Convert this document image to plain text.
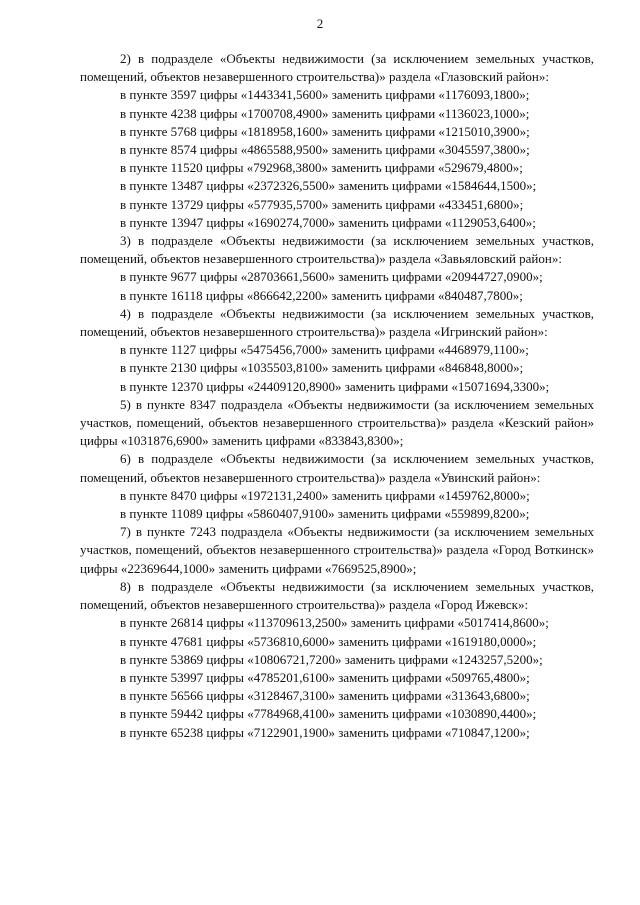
2

2) в подразделе «Объекты недвижимости (за исключением земельных участков, помещений, объектов незавершенного строительства)» раздела «Глазовский район»:

в пункте 3597 цифры «1443341,5600» заменить цифрами «1176093,1800»;

в пункте 4238 цифры «1700708,4900» заменить цифрами «1136023,1000»;

в пункте 5768 цифры «1818958,1600» заменить цифрами «1215010,3900»;

в пункте 8574 цифры «4865588,9500» заменить цифрами «3045597,3800»;

в пункте 11520 цифры «792968,3800» заменить цифрами «529679,4800»;

в пункте 13487 цифры «2372326,5500» заменить цифрами «1584644,1500»;

в пункте 13729 цифры «577935,5700» заменить цифрами «433451,6800»;

в пункте 13947 цифры «1690274,7000» заменить цифрами «1129053,6400»;

3) в подразделе «Объекты недвижимости (за исключением земельных участков, помещений, объектов незавершенного строительства)» раздела «Завьяловский район»:

в пункте 9677 цифры «28703661,5600» заменить цифрами «20944727,0900»;

в пункте 16118 цифры «866642,2200» заменить цифрами «840487,7800»;

4) в подразделе «Объекты недвижимости (за исключением земельных участков, помещений, объектов незавершенного строительства)» раздела «Игринский район»:

в пункте 1127 цифры «5475456,7000» заменить цифрами «4468979,1100»;

в пункте 2130 цифры «1035503,8100» заменить цифрами «846848,8000»;

в пункте 12370 цифры «24409120,8900» заменить цифрами «15071694,3300»;

5) в пункте 8347 подраздела «Объекты недвижимости (за исключением земельных участков, помещений, объектов незавершенного строительства)» раздела «Кезский район» цифры «1031876,6900» заменить цифрами «833843,8300»;

6) в подразделе «Объекты недвижимости (за исключением земельных участков, помещений, объектов незавершенного строительства)» раздела «Увинский район»:

в пункте 8470 цифры «1972131,2400» заменить цифрами «1459762,8000»;

в пункте 11089 цифры «5860407,9100» заменить цифрами «559899,8200»;

7) в пункте 7243 подраздела «Объекты недвижимости (за исключением земельных участков, помещений, объектов незавершенного строительства)» раздела «Город Воткинск» цифры «22369644,1000» заменить цифрами «7669525,8900»;

8) в подразделе «Объекты недвижимости (за исключением земельных участков, помещений, объектов незавершенного строительства)» раздела «Город Ижевск»:

в пункте 26814 цифры «113709613,2500» заменить цифрами «5017414,8600»;

в пункте 47681 цифры «5736810,6000» заменить цифрами «1619180,0000»;

в пункте 53869 цифры «10806721,7200» заменить цифрами «1243257,5200»;

в пункте 53997 цифры «4785201,6100» заменить цифрами «509765,4800»;

в пункте 56566 цифры «3128467,3100» заменить цифрами «313643,6800»;

в пункте 59442 цифры «7784968,4100» заменить цифрами «1030890,4400»;

в пункте 65238 цифры «7122901,1900» заменить цифрами «710847,1200»;
